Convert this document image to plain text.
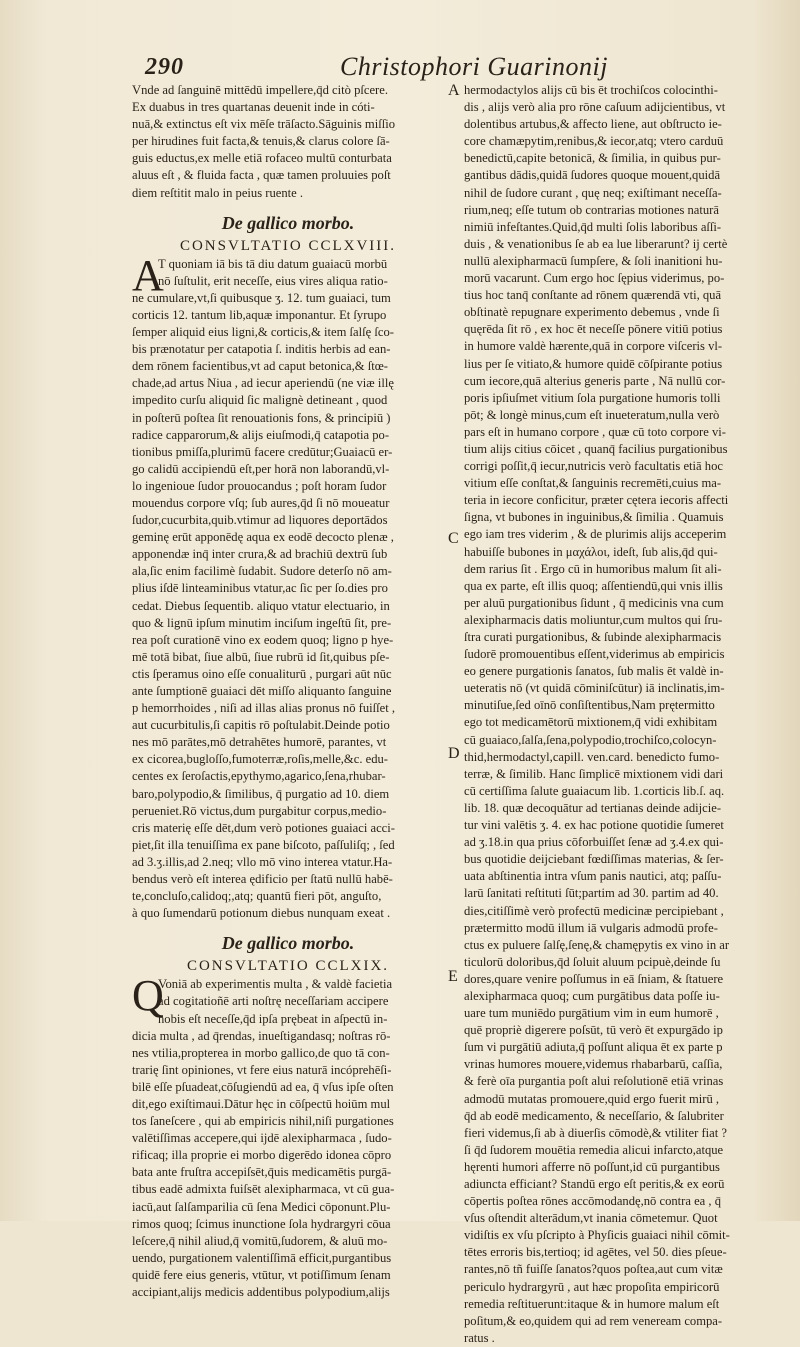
290	Christophori Guarinonij
A
C
D
E
Vnde ad ſanguinē mittēdū impellere,q̄d citò pſcere.
Ex duabus in tres quartanas deuenit inde in cóti-
nuā,& extinctus eſt vix mēſe trāſacto.Sāguinis miſſio
per hirudines fuit facta,& tenuis,& clarus colore ſā-
guis eductus,ex melle etiā rofaceo multū conturbata
aluus eſt , & fluida facta , quæ tamen proluuies poſt
diem reſtitit malo in peius ruente .
De gallico morbo.
CONSVLTATIO CCLXVIII.
A
T quoniam iā bis tā diu datum guaiacū morbū
nō ſuſtulit, erit neceſſe, eius vires aliqua ratio-
ne cumulare,vt,ſi quibusque ʒ. 12. tum guaiaci, tum
corticis 12. tantum lib,aquæ imponantur. Et ſyrupo
ſemper aliquid eius ligni,& corticis,& item ſalſę ſco-
bis prænotatur per catapotia ſ. inditis herbis ad ean-
dem rōnem facientibus,vt ad caput betonica,& ſtœ-
chade,ad artus Niua , ad iecur aperiendū (ne viæ illę
impedito curſu aliquid ſic malignè detineant , quod
in poſterū poſtea ſit renouationis fons, & principiū )
radice capparorum,& alijs eiuſmodi,q̄ catapotia po-
tionibus pmiſſa,plurimū facere credūtur;Guaiacū er-
go calidū accipiendū eſt,per horā non laborandū,vl-
lo ingenioue ſudor prouocandus ; poſt horam ſudor
mouendus corpore vſq; ſub aures,q̄d ſi nō moueatur
ſudor,cucurbita,quib.vtimur ad liquores deportādos
geminę erūt apponēdę aqua ex eodē decocto plenæ ,
apponendæ inq̄ inter crura,& ad brachiū dextrū ſub
ala,ſic enim facilimè ſudabit. Sudore deterſo nō am-
plius iſdē linteaminibus vtatur,ac ſic per ſo.dies pro
cedat. Diebus ſequentib. aliquo vtatur electuario, in
quo & lignū ipſum minutim inciſum ingeſtū ſit, pre-
rea poſt curationē vino ex eodem quoq; ligno p hye-
mē totā bibat, ſiue albū, ſiue rubrū id ſit,quibus pſe-
ctis ſperamus oino eſſe conualiturū , purgari aūt nūc
ante ſumptionē guaiaci dēt miſſo aliquanto ſanguine
p hemorrhoides , niſi ad illas alias pronus nō fuiſſet ,
aut cucurbitulis,ſi capitis rō poſtulabit.Deinde potio
nes mō parātes,mō detrahētes humorē, parantes, vt
ex cicorea,bugloſſo,fumoterræ,roſis,melle,&c. edu-
centes ex ſeroſactis,epythymo,agarico,ſena,rhubar-
baro,polypodio,& ſimilibus, q̄ purgatio ad 10. diem
perueniet.Rō victus,dum purgabitur corpus,medio-
cris materię eſſe dēt,dum verò potiones guaiaci acci-
piet,ſit illa tenuiſſima ex pane biſcoto, paſſuliſq; , ſed
ad 3.ʒ.illis,ad 2.neq; vllo mō vino interea vtatur.Ha-
bendus verò eſt interea ędificio per ſtatū nullū habē-
te,concluſo,calidoq;,atq; quantū fieri pōt, anguſto,
à quo ſumendarū potionum diebus nunquam exeat .
De gallico morbo.
CONSVLTATIO CCLXIX.
Q
Voniā ab experimentis multa , & valdè facietia
ad cogitatioñē arti noſtrę neceſſariam accipere
nobis eſt neceſſe,q̄d ipſa prębeat in aſpectū in-
dicia multa , ad q̄rendas, inueſtigandasq; noſtras rō-
nes vtilia,propterea in morbo gallico,de quo tā con-
trarię ſint opiniones, vt fere eius naturā incóprehēſi-
bilē eſſe pſuadeat,cōſugiendū ad ea, q̄ vſus ipſe oſten
dit,ego exiſtimaui.Dātur hęc in cōſpectū hoiūm mul
tos ſaneſcere , qui ab empiricis nihil,niſi purgationes
valētiſſimas accepere,qui iјdē alexipharmaca , ſudo-
rificaq; illa proprie ei morbo digerēdo idonea cōpro
bata ante fruſtra accepiſsēt,q̄uis medicamētis purgā-
tibus eadē admixta fuiſsēt alexipharmaca, vt cū gua-
iacū,aut ſalſamparilia cū ſena Medici cōponunt.Plu-
rimos quoq; ſcimus inunctione ſola hydrargyri cōua
leſcere,q̄ nihil aliud,q̄ vomitū,ſudorem, & aluū mo-
uendo, purgationem valentiſſimā efficit,purgantibus
quidē fere eius generis, vtūtur, vt potiſſimum ſenam
accipiant,alijs medicis addentibus polypodium,alijs
hermodactylos alijs cū bis ēt trochiſcos colocinthi-
dis , alijs verò alia pro rōne caſuum adijcientibus, vt
dolentibus artubus,& affecto liene, aut obſtructo ie-
core chamæpytim,renibus,& iecor,atq; vtero carduū
benedictū,capite betonicā, & ſimilia, in quibus pur-
gantibus dādis,quidā ſudores quoque mouent,quidā
nihil de ſudore curant , quę neq; exiſtimant neceſſa-
rium,neq; eſſe tutum ob contrarias motiones naturā
nimiū infeſtantes.Quid,q̄d multi ſolis laboribus aſſi-
duis , & venationibus ſe ab ea lue liberarunt? ij certè
nullū alexipharmacū ſumpſere, & ſoli inanitioni hu-
morū vacarunt. Cum ergo hoc ſępius viderimus, po-
tius hoc tanq̄ conſtante ad rōnem quærendā vti, quā
obſtinatè repugnare experimento debemus , vnde ſi
quęrēda ſit rō , ex hoc ēt neceſſe pōnere vitiū potius
in humore valdè hærente,quā in corpore viſceris vl-
lius per ſe vitiato,& humore quidē cōſpirante potius
cum iecore,quā alterius generis parte , Nā nullū cor-
poris ipſiuſmet vitium ſola purgatione humoris tolli
pōt; & longè minus,cum eſt inueteratum,nulla verò
pars eſt in humano corpore , quæ cū toto corpore vi-
tium alijs citius cōicet , quanq̄ facilius purgationibus
corrigi poſſit,q̄ iecur,nutricis verò facultatis etiā hoc
vitium eſſe conſtat,& ſanguinis recremēti,cuius ma-
teria in iecore conficitur, præter cętera iecoris affecti
ſigna, vt bubones in inguinibus,& ſimilia . Quamuis
ego iam tres viderim , & de plurimis alijs acceperim
habuiſſe bubones in μαχάλοι, ideſt, ſub alis,q̄d qui-
dem rarius ſit . Ergo cū in humoribus malum ſit ali-
qua ex parte, eſt illis quoq; aſſentiendū,qui vnis illis
per aluū purgationibus ſidunt , q̄ medicinis vna cum
alexipharmacis datis moliuntur,cum multos qui ſru-
ſtra curati purgationibus, & ſubinde alexipharmacis
ſudorē promouentibus eſſent,viderimus ab empiricis
eo genere purgationis ſanatos, ſub malis ēt valdè in-
ueteratis nō (vt quidā cōminiſcūtur) iā inclinatis,im-
minutiſue,ſed oīnō conſiſtentibus,Nam prętermitto
ego tot medicamētorū mixtionem,q̄ vidi exhibitam
cū guaiaco,ſalſa,ſena,polypodio,trochiſco,colocyn-
thid,hermodactyl,capill. ven.card. benedicto fumo-
terræ, & ſimilib. Hanc ſimplicē mixtionem vidi dari
cū certiſſima ſalute guaiacum lib. 1.corticis lib.ſ. aq.
lib. 18. quæ decoquātur ad tertianas deinde adijcie-
tur vini valētis ʒ. 4. ex hac potione quotidie ſumeret
ad ʒ.18.in qua prius cōforbuiſſet ſenæ ad ʒ.4.ex qui-
bus quotidie deijciebant fœdiſſimas materias, & ſer-
uata abſtinentia intra vſum panis nautici, atq; paſſu-
larū ſanitati reſtituti ſūt;partim ad 30. partim ad 40.
dies,citiſſimè verò profectū medicinæ percipiebant ,
prætermitto modū illum iā vulgaris admodū profe-
ctus ex puluere ſalſę,ſenę,& chamępytis ex vino in ar
ticulorū doloribus,q̄d ſoluit aluum pcipuè,deinde ſu
dores,quare venire poſſumus in eā ſniam, & ſtatuere
alexipharmaca quoq; cum purgātibus data poſſe iu-
uare tum muniēdo purgātium vim in eum humorē ,
quē propriè digerere poſsūt, tū verò ēt expurgādo ip
ſum vi purgātiū adiuta,q̄ poſſunt aliqua ēt ex parte p
vrinas humores mouere,videmus rhabarbarū, caſſia,
& ferè oīa purgantia poſt alui reſolutionē etiā vrinas
admodū mutatas promouere,quid ergo fuerit mirū ,
q̄d ab eodē medicamento, & neceſſario, & ſalubriter
fieri videmus,ſi ab à diuerſis cōmodè,& vtiliter fiat ?
ſi q̄d ſudorem mouētia remedia alicui infarcto,atque
hęrenti humori afferre nō poſſunt,id cū purgantibus
adiuncta efficiant? Standū ergo eſt peritis,& ex eorū
cōpertis poſtea rōnes accōmodandę,nō contra ea , q̄
vſus oſtendit alterādum,vt inania cōmetemur. Quot
vidiſtis ex vſu pſcripto à Phyſicis guaiaci nihil cōmit-
tētes erroris bis,tertioq; id agētes, vel 50. dies pſeue-
rantes,nō tñ fuiſſe ſanatos?quos poſtea,aut cum vitæ
periculo hydrargyrū , aut hæc propoſita empiricorū
remedia reſtituerunt:itaque & in humore malum eſt
poſitum,& eo,quidem qui ad rem veneream compa-
ratus .
